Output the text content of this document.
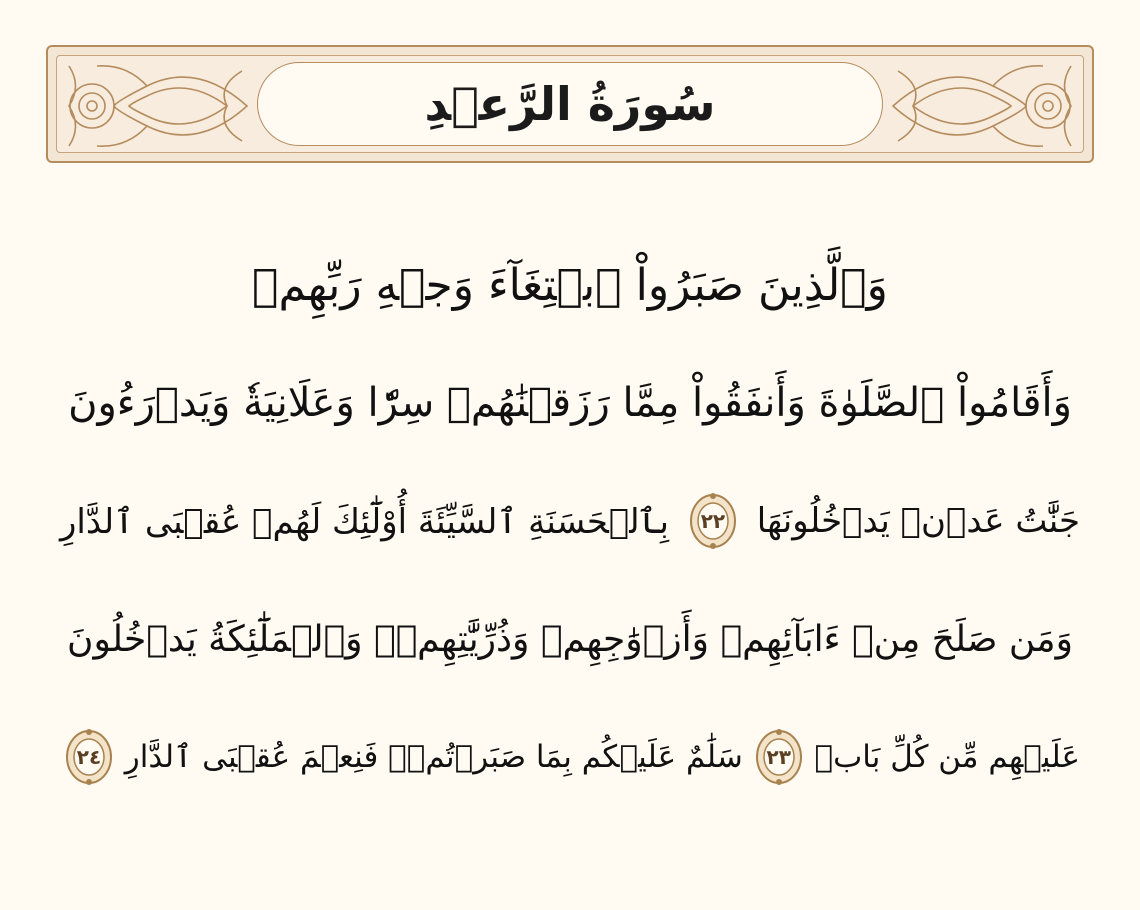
سُورَةُ الرَّعۡدِ
وَٱلَّذِينَ صَبَرُواْ ٱبۡتِغَآءَ وَجۡهِ رَبِّهِمۡ
وَأَقَامُواْ ٱلصَّلَوٰةَ وَأَنفَقُواْ مِمَّا رَزَقۡنَٰهُمۡ سِرّٗا وَعَلَانِيَةٗ وَيَدۡرَءُونَ
جَنَّٰتُ عَدۡنٖ يَدۡخُلُونَهَا
٢٢
بِٱلۡحَسَنَةِ ٱلسَّيِّئَةَ أُوْلَٰٓئِكَ لَهُمۡ عُقۡبَى ٱلدَّارِ
وَمَن صَلَحَ مِنۡ ءَابَآئِهِمۡ وَأَزۡوَٰجِهِمۡ وَذُرِّيَّٰتِهِمۡۖ وَٱلۡمَلَٰٓئِكَةُ يَدۡخُلُونَ
عَلَيۡهِم مِّن كُلِّ بَابٖ
٢٣
سَلَٰمٌ عَلَيۡكُم بِمَا صَبَرۡتُمۡۚ فَنِعۡمَ عُقۡبَى ٱلدَّارِ
٢٤
